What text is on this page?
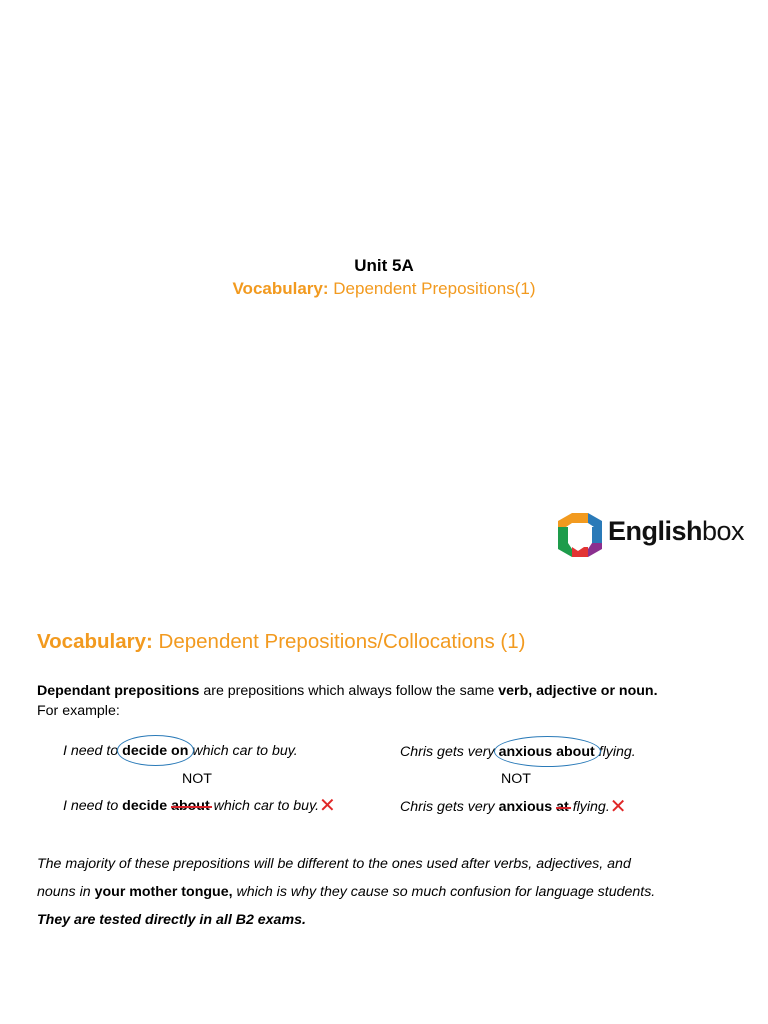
Unit 5A
Vocabulary: Dependent Prepositions(1)
Englishbox
Vocabulary: Dependent Prepositions/Collocations (1)
Dependant prepositions are prepositions which always follow the same verb, adjective or noun. For example:
I need to decide on which car to buy.
NOT
I need to decide about which car to buy.✕
Chris gets very anxious about flying.
NOT
Chris gets very anxious at flying.✕
The majority of these prepositions will be different to the ones used after verbs, adjectives, and
nouns in your mother tongue, which is why they cause so much confusion for language students.
They are tested directly in all B2 exams.
